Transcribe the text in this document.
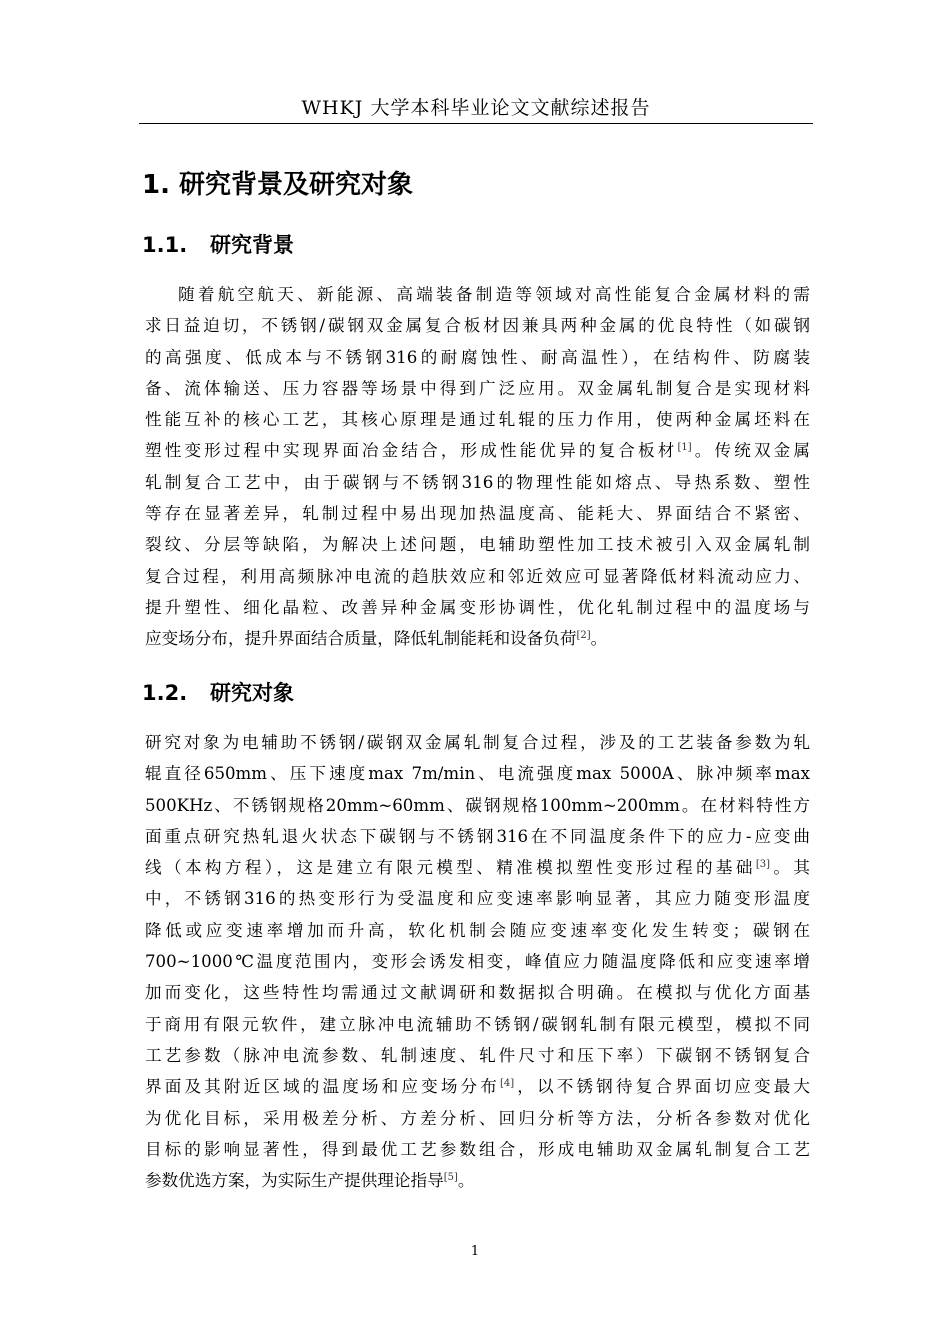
WHKJ 大学本科毕业论文文献综述报告
1. 研究背景及研究对象
1.1. 研究背景
随着航空航天、新能源、高端装备制造等领域对高性能复合金属材料的需
求日益迫切，不锈钢/碳钢双金属复合板材因兼具两种金属的优良特性（如碳钢
的高强度、低成本与不锈钢316的耐腐蚀性、耐高温性），在结构件、防腐装
备、流体输送、压力容器等场景中得到广泛应用。双金属轧制复合是实现材料
性能互补的核心工艺，其核心原理是通过轧辊的压力作用，使两种金属坯料在
塑性变形过程中实现界面冶金结合，形成性能优异的复合板材[1]。传统双金属
轧制复合工艺中，由于碳钢与不锈钢316的物理性能如熔点、导热系数、塑性
等存在显著差异，轧制过程中易出现加热温度高、能耗大、界面结合不紧密、
裂纹、分层等缺陷，为解决上述问题，电辅助塑性加工技术被引入双金属轧制
复合过程，利用高频脉冲电流的趋肤效应和邻近效应可显著降低材料流动应力、
提升塑性、细化晶粒、改善异种金属变形协调性，优化轧制过程中的温度场与
应变场分布，提升界面结合质量，降低轧制能耗和设备负荷[2]。
1.2. 研究对象
研究对象为电辅助不锈钢/碳钢双金属轧制复合过程，涉及的工艺装备参数为轧
辊直径650mm、压下速度max 7m/min、电流强度max 5000A、脉冲频率max
500KHz、不锈钢规格20mm~60mm、碳钢规格100mm~200mm。在材料特性方
面重点研究热轧退火状态下碳钢与不锈钢316在不同温度条件下的应力-应变曲
线（本构方程），这是建立有限元模型、精准模拟塑性变形过程的基础[3]。其
中，不锈钢316的热变形行为受温度和应变速率影响显著，其应力随变形温度
降低或应变速率增加而升高，软化机制会随应变速率变化发生转变；碳钢在
700~1000℃温度范围内，变形会诱发相变，峰值应力随温度降低和应变速率增
加而变化，这些特性均需通过文献调研和数据拟合明确。在模拟与优化方面基
于商用有限元软件，建立脉冲电流辅助不锈钢/碳钢轧制有限元模型，模拟不同
工艺参数（脉冲电流参数、轧制速度、轧件尺寸和压下率）下碳钢不锈钢复合
界面及其附近区域的温度场和应变场分布[4]，以不锈钢待复合界面切应变最大
为优化目标，采用极差分析、方差分析、回归分析等方法，分析各参数对优化
目标的影响显著性，得到最优工艺参数组合，形成电辅助双金属轧制复合工艺
参数优选方案，为实际生产提供理论指导[5]。
1
